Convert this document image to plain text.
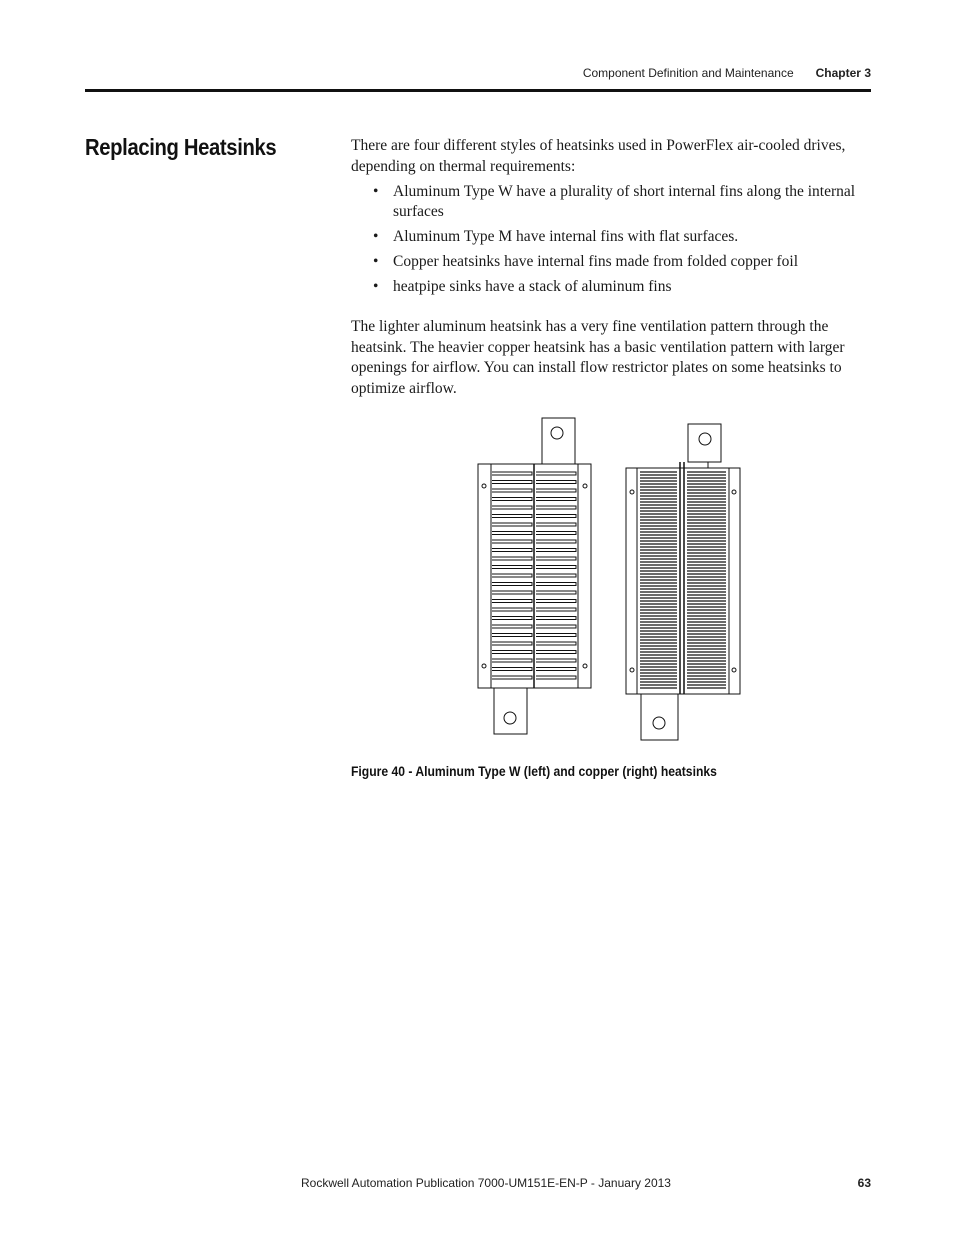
Component Definition and Maintenance Chapter 3
Replacing Heatsinks	There are four different styles of heatsinks used in PowerFlex air-cooled drives, depending on thermal requirements:

• Aluminum Type W have a plurality of short internal fins along the internal surfaces
• Aluminum Type M have internal fins with flat surfaces.
• Copper heatsinks have internal fins made from folded copper foil
• heatpipe sinks have a stack of aluminum fins

The lighter aluminum heatsink has a very fine ventilation pattern through the heatsink. The heavier copper heatsink has a basic ventilation pattern with larger openings for airflow. You can install flow restrictor plates on some heatsinks to optimize airflow.

Figure 40 - Aluminum Type W (left) and copper (right) heatsinks
Rockwell Automation Publication 7000-UM151E-EN-P - January 2013	63
